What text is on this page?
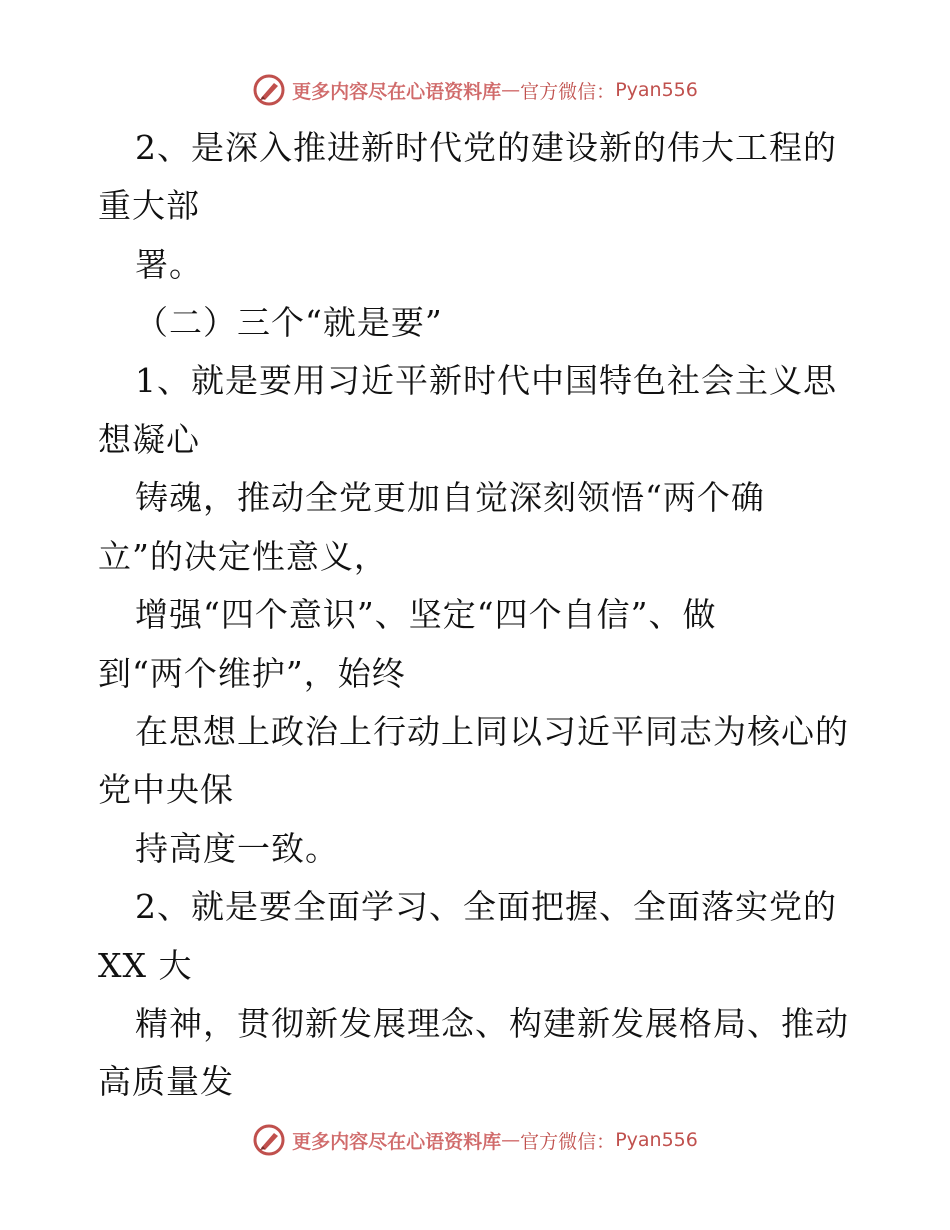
更多内容尽在心语资料库 — 官方微信： Pyan556
2、是深入推进新时代党的建设新的伟大工程的
重大部
署。
（二）三个“就是要”
1、就是要用习近平新时代中国特色社会主义思
想凝心
铸魂，推动全党更加自觉深刻领悟“两个确
立”的决定性意义，
增强“四个意识”、坚定“四个自信”、做
到“两个维护”，始终
在思想上政治上行动上同以习近平同志为核心的
党中央保
持高度一致。
2、就是要全面学习、全面把握、全面落实党的
XX 大
精神，贯彻新发展理念、构建新发展格局、推动
高质量发
更多内容尽在心语资料库 — 官方微信： Pyan556
